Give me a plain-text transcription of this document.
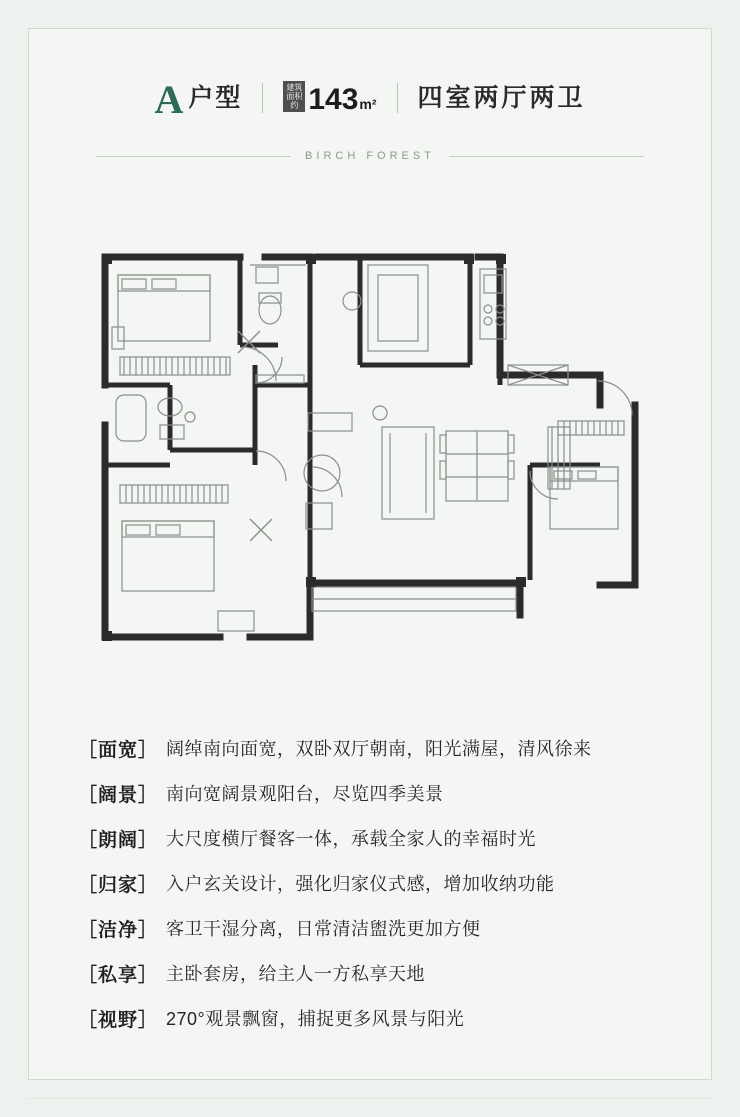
A 户型	建筑
面积约 143 m² 四室两厅两卫
BIRCH FOREST
［面宽］ 阔绰南向面宽，双卧双厅朝南，阳光满屋，清风徐来
［阔景］ 南向宽阔景观阳台，尽览四季美景
［朗阔］ 大尺度横厅餐客一体，承载全家人的幸福时光
［归家］ 入户玄关设计，强化归家仪式感，增加收纳功能
［洁净］ 客卫干湿分离，日常清洁盥洗更加方便
［私享］ 主卧套房，给主人一方私享天地
［视野］ 270°观景飘窗，捕捉更多风景与阳光
